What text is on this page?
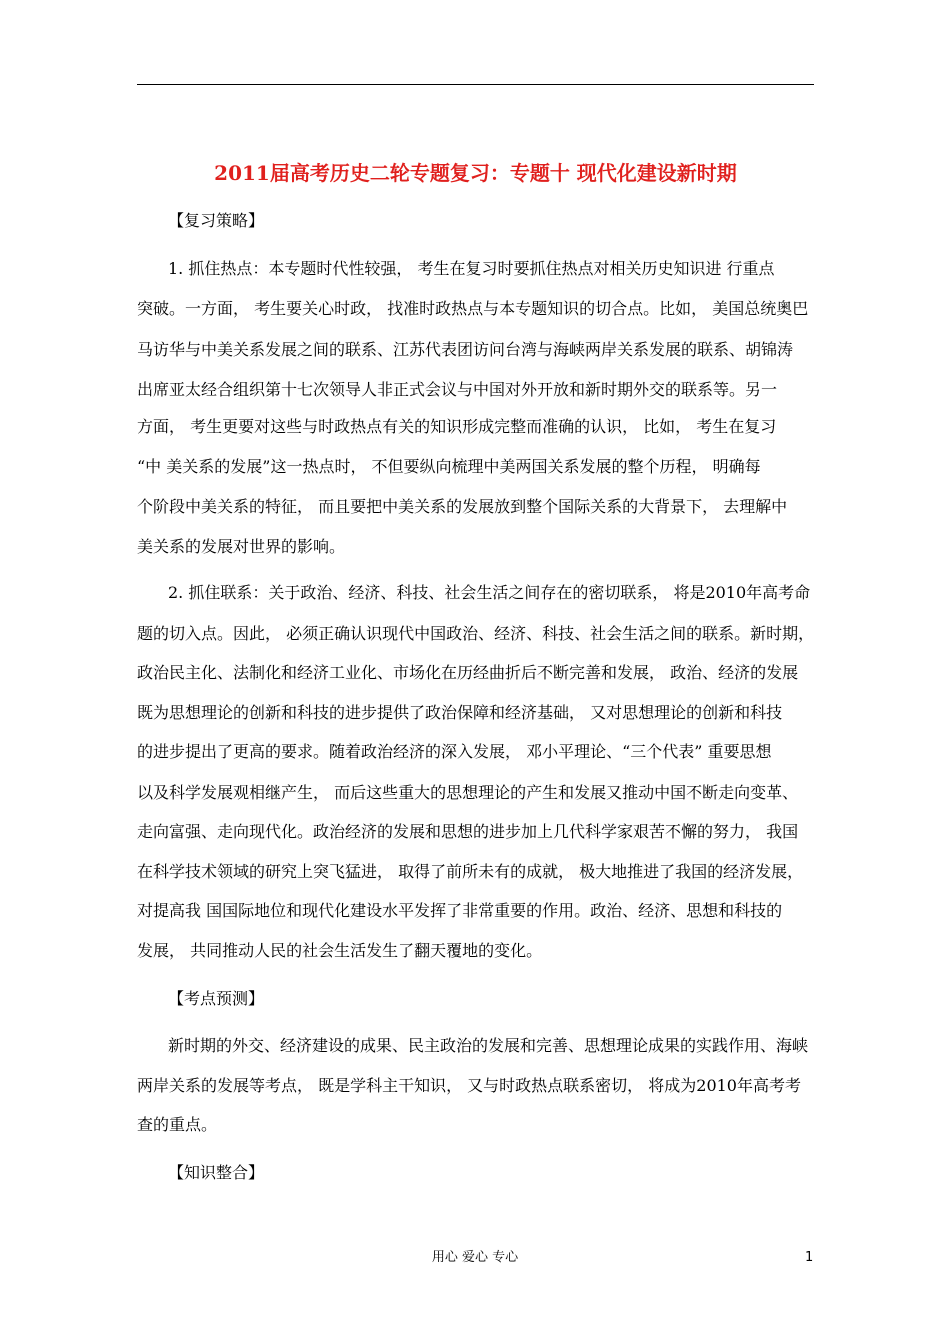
2011届高考历史二轮专题复习：专题十 现代化建设新时期
【复习策略】
1. 抓住热点：本专题时代性较强， 考生在复习时要抓住热点对相关历史知识进 行重点
突破。一方面， 考生要关心时政， 找准时政热点与本专题知识的切合点。比如， 美国总统奥巴
马访华与中美关系发展之间的联系、江苏代表团访问台湾与海峡两岸关系发展的联系、胡锦涛
出席亚太经合组织第十七次领导人非正式会议与中国对外开放和新时期外交的联系等。另一
方面， 考生更要对这些与时政热点有关的知识形成完整而准确的认识， 比如， 考生在复习
“中 美关系的发展”这一热点时， 不但要纵向梳理中美两国关系发展的整个历程， 明确每
个阶段中美关系的特征， 而且要把中美关系的发展放到整个国际关系的大背景下， 去理解中
美关系的发展对世界的影响。
2. 抓住联系：关于政治、经济、科技、社会生活之间存在的密切联系， 将是2010年高考命
题的切入点。因此， 必须正确认识现代中国政治、经济、科技、社会生活之间的联系。新时期，
政治民主化、法制化和经济工业化、市场化在历经曲折后不断完善和发展， 政治、经济的发展
既为思想理论的创新和科技的进步提供了政治保障和经济基础， 又对思想理论的创新和科技
的进步提出了更高的要求。随着政治经济的深入发展， 邓小平理论、“三个代表” 重要思想
以及科学发展观相继产生， 而后这些重大的思想理论的产生和发展又推动中国不断走向变革、
走向富强、走向现代化。政治经济的发展和思想的进步加上几代科学家艰苦不懈的努力， 我国
在科学技术领域的研究上突飞猛进， 取得了前所未有的成就， 极大地推进了我国的经济发展，
对提高我 国国际地位和现代化建设水平发挥了非常重要的作用。政治、经济、思想和科技的
发展， 共同推动人民的社会生活发生了翻天覆地的变化。
【考点预测】
新时期的外交、经济建设的成果、民主政治的发展和完善、思想理论成果的实践作用、海峡
两岸关系的发展等考点， 既是学科主干知识， 又与时政热点联系密切， 将成为2010年高考考
查的重点。
【知识整合】
用心 爱心 专心	1
